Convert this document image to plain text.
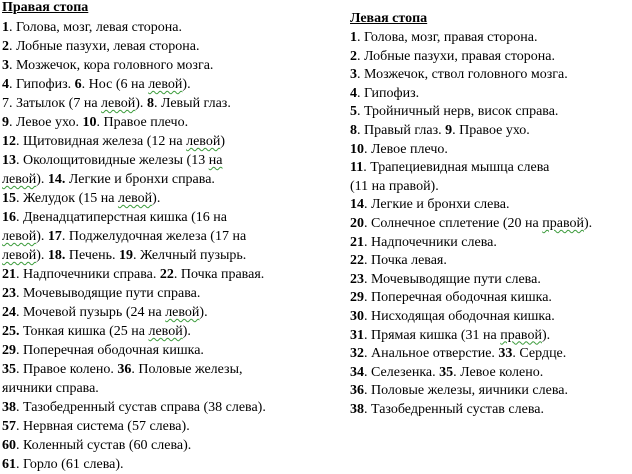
Правая стопа
1. Голова, мозг, левая сторона.
2. Лобные пазухи, левая сторона.
3. Мозжечок, кора головного мозга.
4. Гипофиз. 6. Нос (6 на левой).
7. Затылок (7 на левой). 8. Левый глаз.
9. Левое ухо. 10. Правое плечо.
12. Щитовидная железа (12 на левой)
13. Околощитовидные железы (13 на
левой). 14. Легкие и бронхи справа.
15. Желудок (15 на левой).
16. Двенадцатиперстная кишка (16 на
левой). 17. Поджелудочная железа (17 на
левой). 18. Печень. 19. Желчный пузырь.
21. Надпочечники справа. 22. Почка правая.
23. Мочевыводящие пути справа.
24. Мочевой пузырь (24 на левой).
25. Тонкая кишка (25 на левой).
29. Поперечная ободочная кишка.
35. Правое колено. 36. Половые железы,
яичники справа.
38. Тазобедренный сустав справа (38 слева).
57. Нервная система (57 слева).
60. Коленный сустав (60 слева).
61. Горло (61 слева).
Левая стопа
1. Голова, мозг, правая сторона.
2. Лобные пазухи, правая сторона.
3. Мозжечок, ствол головного мозга.
4. Гипофиз.
5. Тройничный нерв, висок справа.
8. Правый глаз. 9. Правое ухо.
10. Левое плечо.
11. Трапециевидная мышца слева
(11 на правой).
14. Легкие и бронхи слева.
20. Солнечное сплетение (20 на правой).
21. Надпочечники слева.
22. Почка левая.
23. Мочевыводящие пути слева.
29. Поперечная ободочная кишка.
30. Нисходящая ободочная кишка.
31. Прямая кишка (31 на правой).
32. Анальное отверстие. 33. Сердце.
34. Селезенка. 35. Левое колено.
36. Половые железы, яичники слева.
38. Тазобедренный сустав слева.
